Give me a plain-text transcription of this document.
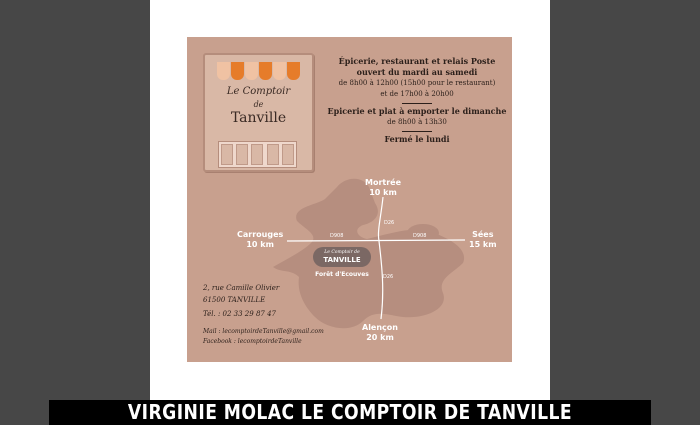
Le Comptoir
de
Tanville
Épicerie, restaurant et relais Poste
ouvert du mardi au samedi
de 8h00 à 12h00 (15h00 pour le restaurant)
et de 17h00 à 20h00
Epicerie et plat à emporter le dimanche
de 8h00 à 13h30
Fermé le lundi
Mortrée
10 km
Carrouges
10 km
Sées
15 km
Alençon
20 km
D908	D908
D26
D26
Le Comptoir de
TANVILLE
Forêt d'Ecouves
2, rue Camille Olivier
61500 TANVILLE
Tél. : 02 33 29 87 47
Mail : lecomptoirdeTanville@gmail.com
Facebook : lecomptoirdeTanville
VIRGINIE MOLAC LE COMPTOIR DE TANVILLE
